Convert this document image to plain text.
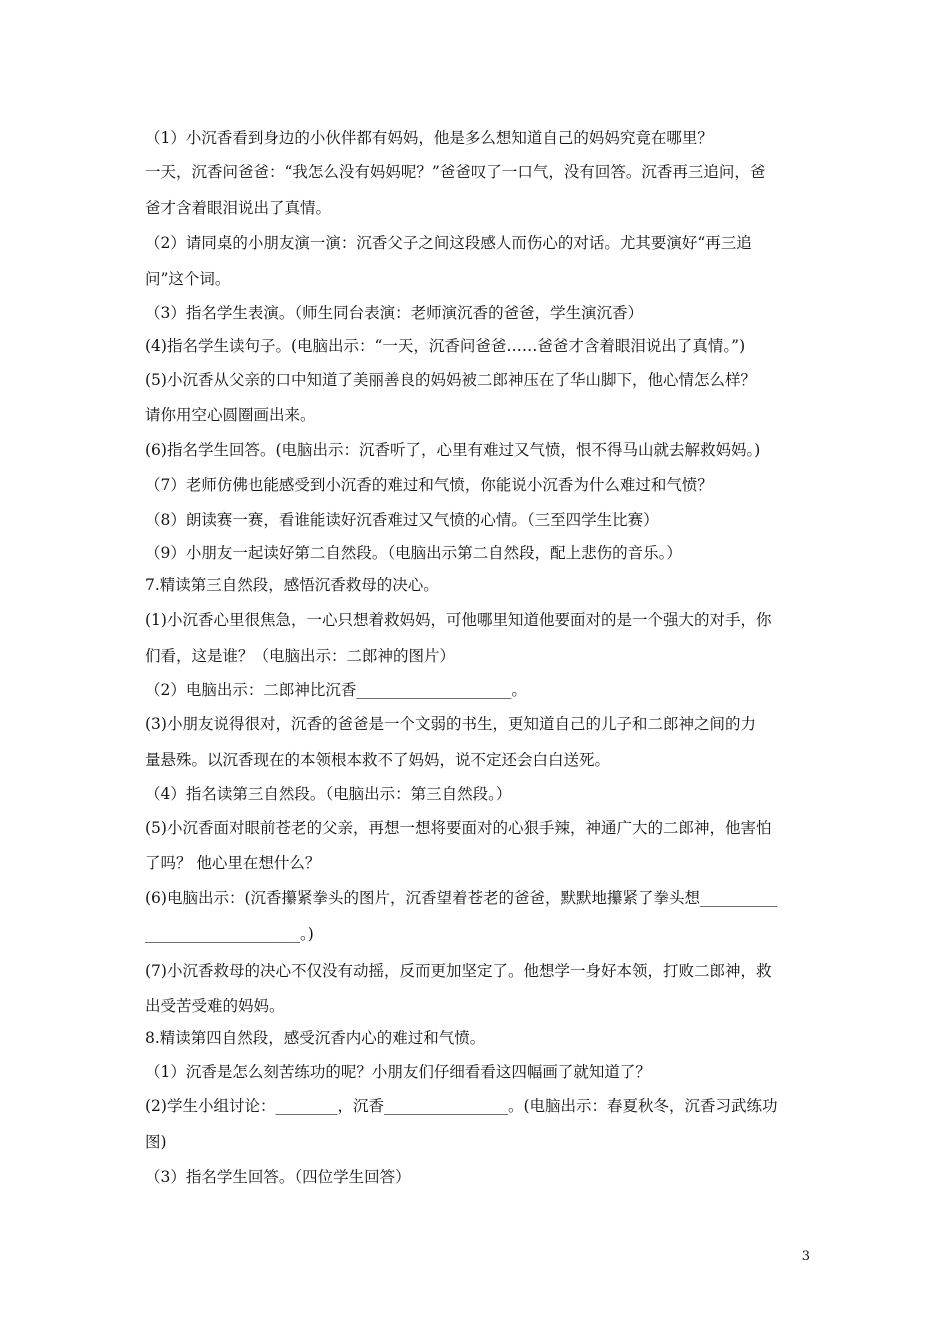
（1）小沉香看到身边的小伙伴都有妈妈，他是多么想知道自己的妈妈究竟在哪里？
一天，沉香问爸爸：“我怎么没有妈妈呢？”爸爸叹了一口气，没有回答。沉香再三追问，爸
爸才含着眼泪说出了真情。
（2）请同桌的小朋友演一演：沉香父子之间这段感人而伤心的对话。尤其要演好“再三追
问”这个词。
（3）指名学生表演。（师生同台表演：老师演沉香的爸爸，学生演沉香）
(4)指名学生读句子。(电脑出示：“一天，沉香问爸爸……爸爸才含着眼泪说出了真情。”)
(5)小沉香从父亲的口中知道了美丽善良的妈妈被二郎神压在了华山脚下，他心情怎么样？
请你用空心圆圈画出来。
(6)指名学生回答。(电脑出示：沉香听了，心里有难过又气愤，恨不得马山就去解救妈妈。)
（7）老师仿佛也能感受到小沉香的难过和气愤，你能说小沉香为什么难过和气愤？
（8）朗读赛一赛，看谁能读好沉香难过又气愤的心情。（三至四学生比赛）
（9）小朋友一起读好第二自然段。（电脑出示第二自然段，配上悲伤的音乐。）
7.精读第三自然段，感悟沉香救母的决心。
(1)小沉香心里很焦急，一心只想着救妈妈，可他哪里知道他要面对的是一个强大的对手，你
们看，这是谁？（电脑出示：二郎神的图片）
（2）电脑出示：二郎神比沉香____________________。
(3)小朋友说得很对，沉香的爸爸是一个文弱的书生，更知道自己的儿子和二郎神之间的力
量悬殊。以沉香现在的本领根本救不了妈妈，说不定还会白白送死。
（4）指名读第三自然段。（电脑出示：第三自然段。）
(5)小沉香面对眼前苍老的父亲，再想一想将要面对的心狠手辣，神通广大的二郎神，他害怕
了吗？ 他心里在想什么？
(6)电脑出示：(沉香攥紧拳头的图片，沉香望着苍老的爸爸，默默地攥紧了拳头想__________
____________________。)
(7)小沉香救母的决心不仅没有动摇，反而更加坚定了。他想学一身好本领，打败二郎神，救
出受苦受难的妈妈。
8.精读第四自然段，感受沉香内心的难过和气愤。
（1）沉香是怎么刻苦练功的呢？小朋友们仔细看看这四幅画了就知道了？
(2)学生小组讨论：________，沉香________________。(电脑出示：春夏秋冬，沉香习武练功
图)
（3）指名学生回答。（四位学生回答）
3
